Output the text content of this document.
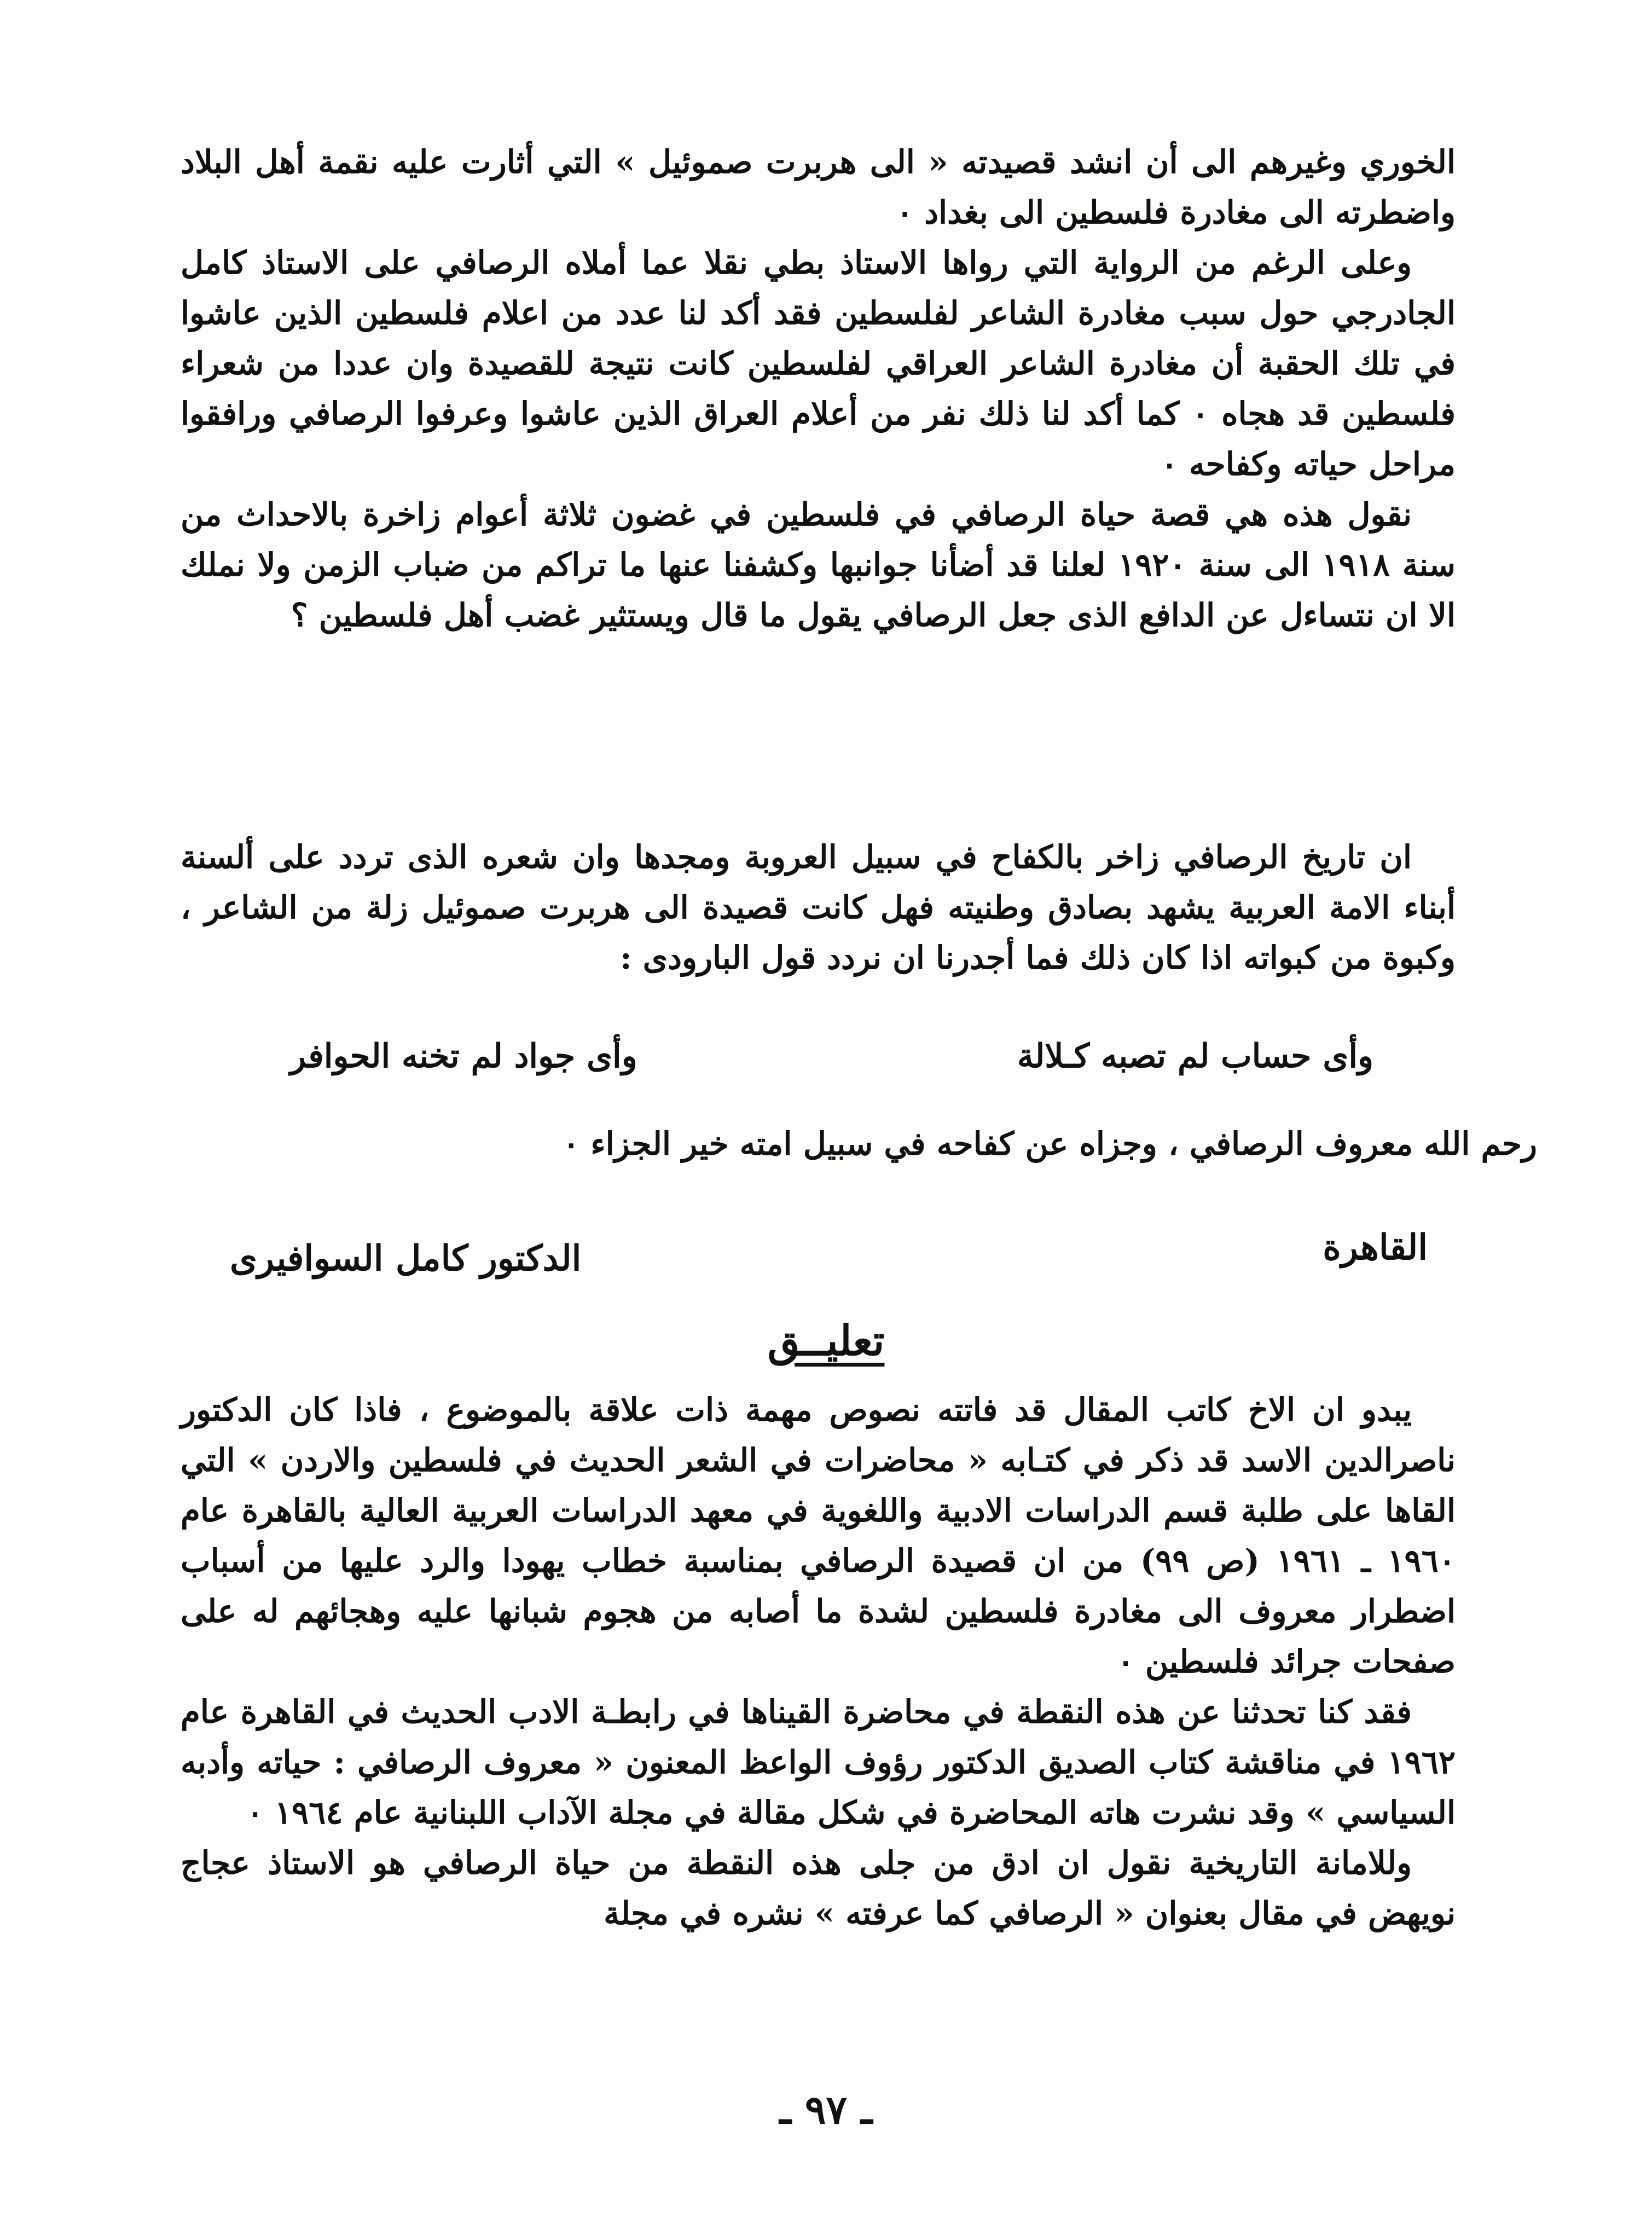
الخوري وغيرهم الى أن انشد قصيدته « الى هربرت صموئيل » التي أثارت عليه نقمة أهل البلاد واضطرته الى مغادرة فلسطين الى بغداد ٠

وعلى الرغم من الرواية التي رواها الاستاذ بطي نقلا عما أملاه الرصافي على الاستاذ كامل الجادرجي حول سبب مغادرة الشاعر لفلسطين فقد أكد لنا عدد من اعلام فلسطين الذين عاشوا في تلك الحقبة أن مغادرة الشاعر العراقي لفلسطين كانت نتيجة للقصيدة وان عددا من شعراء فلسطين قد هجاه ٠ كما أكد لنا ذلك نفر من أعلام العراق الذين عاشوا وعرفوا الرصافي ورافقوا مراحل حياته وكفاحه ٠

نقول هذه هي قصة حياة الرصافي في فلسطين في غضون ثلاثة أعوام زاخرة بالاحداث من سنة ١٩١٨ الى سنة ١٩٢٠ لعلنا قد أضأنا جوانبها وكشفنا عنها ما تراكم من ضباب الزمن ولا نملك الا ان نتساءل عن الدافع الذى جعل الرصافي يقول ما قال ويستثير غضب أهل فلسطين ؟

ان تاريخ الرصافي زاخر بالكفاح في سبيل العروبة ومجدها وان شعره الذى تردد على ألسنة أبناء الامة العربية يشهد بصادق وطنيته فهل كانت قصيدة الى هربرت صموئيل زلة من الشاعر ، وكبوة من كبواته اذا كان ذلك فما أجدرنا ان نردد قول البارودى :

وأى حساب لم تصبه كـلالة
وأى جواد لم تخنه الحوافر
رحم الله معروف الرصافي ، وجزاه عن كفاحه في سبيل امته خير الجزاء ٠
القاهرة
الدكتور كامل السوافيرى
تعليــق

يبدو ان الاخ كاتب المقال قد فاتته نصوص مهمة ذات علاقة بالموضوع ، فاذا كان الدكتور ناصرالدين الاسد قد ذكر في كتـابه « محاضرات في الشعر الحديث في فلسطين والاردن » التي القاها على طلبة قسم الدراسات الادبية واللغوية في معهد الدراسات العربية العالية بالقاهرة عام ١٩٦٠ ـ ١٩٦١ (ص ٩٩) من ان قصيدة الرصافي بمناسبة خطاب يهودا والرد عليها من أسباب اضطرار معروف الى مغادرة فلسطين لشدة ما أصابه من هجوم شبانها عليه وهجائهم له على صفحات جرائد فلسطين ٠

فقد كنا تحدثنا عن هذه النقطة في محاضرة القيناها في رابطـة الادب الحديث في القاهرة عام ١٩٦٢ في مناقشة كتاب الصديق الدكتور رؤوف الواعظ المعنون « معروف الرصافي : حياته وأدبه السياسي » وقد نشرت هاته المحاضرة في شكل مقالة في مجلة الآداب اللبنانية عام ١٩٦٤ ٠

وللامانة التاريخية نقول ان ادق من جلى هذه النقطة من حياة الرصافي هو الاستاذ عجاج نويهض في مقال بعنوان « الرصافي كما عرفته » نشره في مجلة

ـ ٩٧ ـ
